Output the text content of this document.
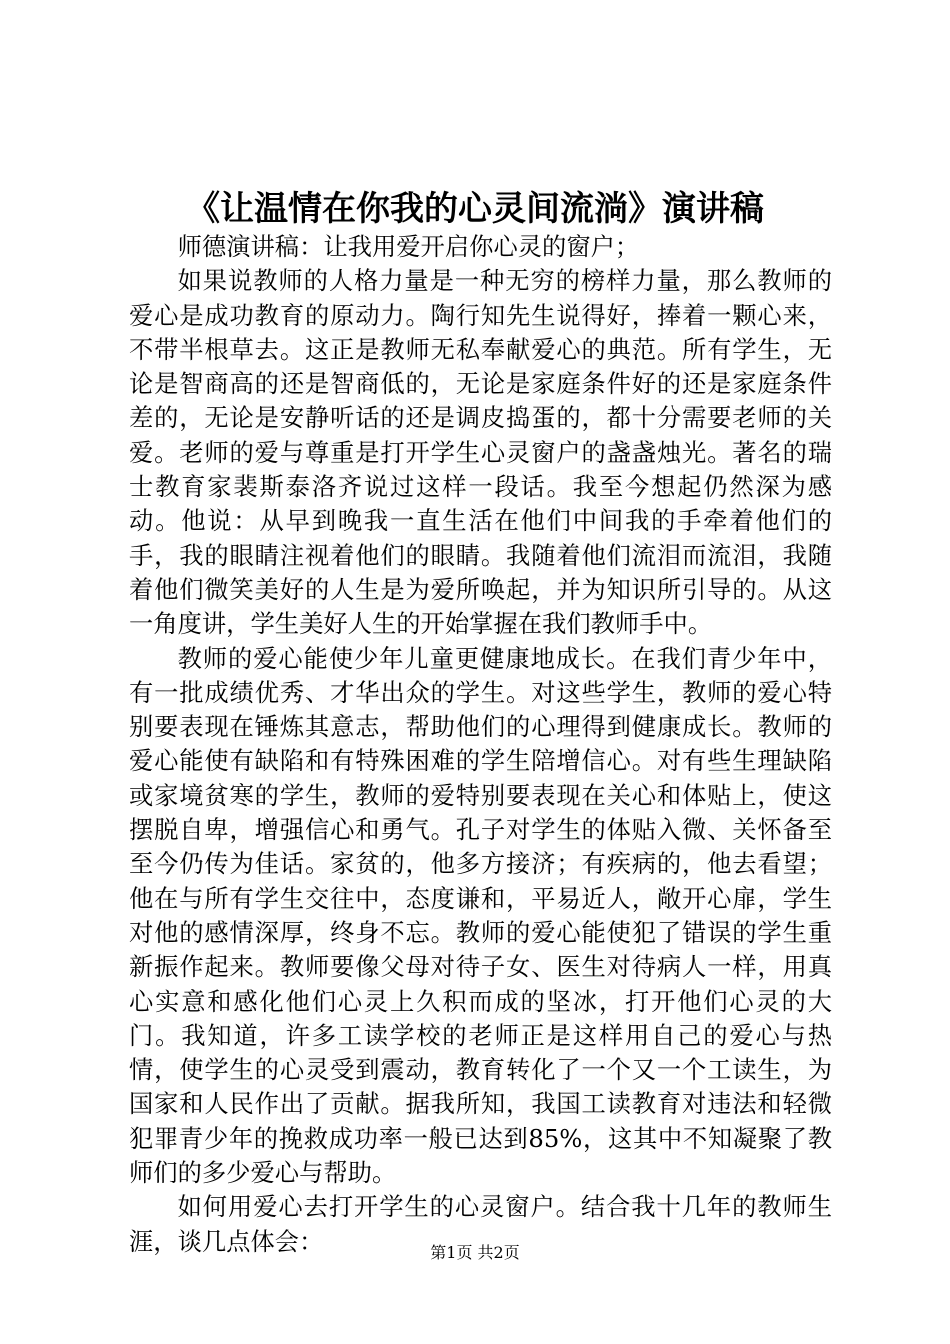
《让温情在你我的心灵间流淌》演讲稿

师德演讲稿：让我用爱开启你心灵的窗户；

如果说教师的人格力量是一种无穷的榜样力量，那么教师的爱心是成功教育的原动力。陶行知先生说得好，捧着一颗心来，不带半根草去。这正是教师无私奉献爱心的典范。所有学生，无论是智商高的还是智商低的，无论是家庭条件好的还是家庭条件差的，无论是安静听话的还是调皮捣蛋的，都十分需要老师的关爱。老师的爱与尊重是打开学生心灵窗户的盏盏烛光。著名的瑞士教育家裴斯泰洛齐说过这样一段话。我至今想起仍然深为感动。他说：从早到晚我一直生活在他们中间我的手牵着他们的手，我的眼睛注视着他们的眼睛。我随着他们流泪而流泪，我随着他们微笑美好的人生是为爱所唤起，并为知识所引导的。从这一角度讲，学生美好人生的开始掌握在我们教师手中。

教师的爱心能使少年儿童更健康地成长。在我们青少年中，有一批成绩优秀、才华出众的学生。对这些学生，教师的爱心特别要表现在锤炼其意志，帮助他们的心理得到健康成长。教师的爱心能使有缺陷和有特殊困难的学生陪增信心。对有些生理缺陷或家境贫寒的学生，教师的爱特别要表现在关心和体贴上，使这摆脱自卑，增强信心和勇气。孔子对学生的体贴入微、关怀备至至今仍传为佳话。家贫的，他多方接济；有疾病的，他去看望；他在与所有学生交往中，态度谦和，平易近人，敞开心扉，学生对他的感情深厚，终身不忘。教师的爱心能使犯了错误的学生重新振作起来。教师要像父母对待子女、医生对待病人一样，用真心实意和感化他们心灵上久积而成的坚冰，打开他们心灵的大门。我知道，许多工读学校的老师正是这样用自己的爱心与热情，使学生的心灵受到震动，教育转化了一个又一个工读生，为国家和人民作出了贡献。据我所知，我国工读教育对违法和轻微犯罪青少年的挽救成功率一般已达到85%，这其中不知凝聚了教师们的多少爱心与帮助。

如何用爱心去打开学生的心灵窗户。结合我十几年的教师生涯，谈几点体会：	第1页 共2页
